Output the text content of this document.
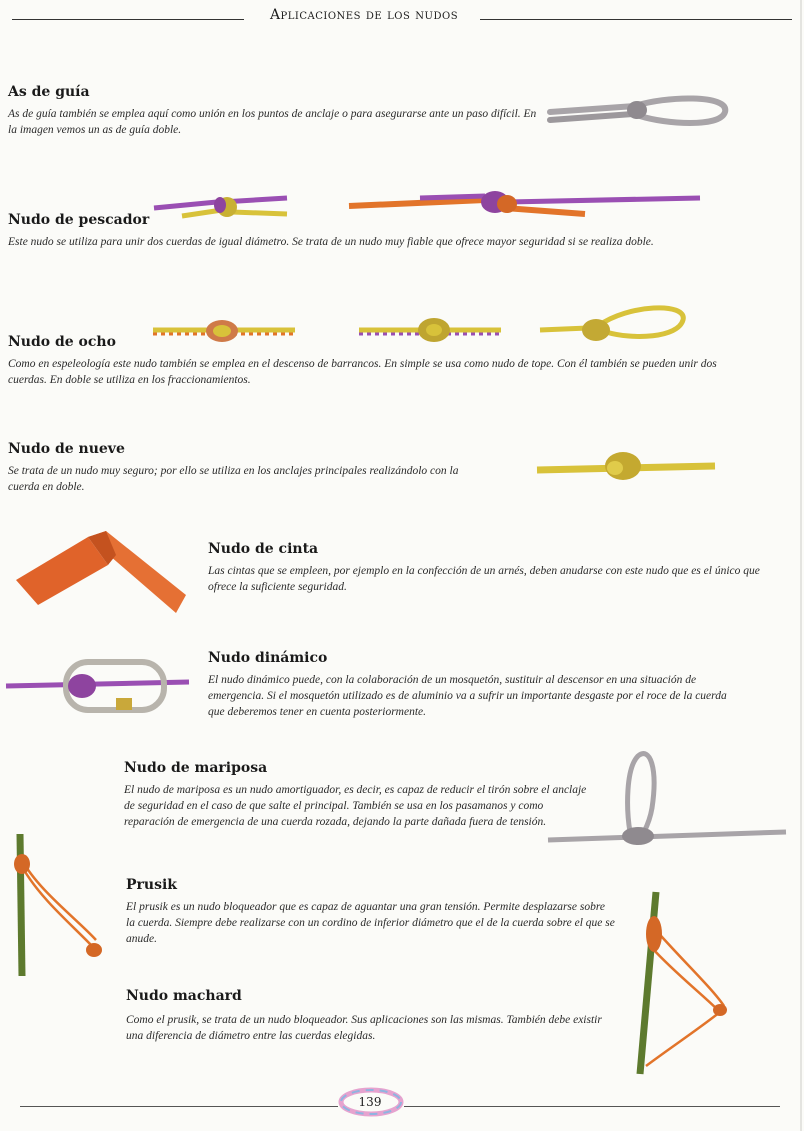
Aplicaciones de los nudos
As de guía

As de guía también se emplea aquí como unión en los puntos de anclaje o para asegurarse ante un paso difícil. En la imagen vemos un as de guía doble.

Nudo de pescador

Este nudo se utiliza para unir dos cuerdas de igual diámetro. Se trata de un nudo muy fiable que ofrece mayor seguridad si se realiza doble.

Nudo de ocho

Como en espeleología este nudo también se emplea en el descenso de barrancos. En simple se usa como nudo de tope. Con él también se pueden unir dos cuerdas. En doble se utiliza en los fraccionamientos.

Nudo de nueve

Se trata de un nudo muy seguro; por ello se utiliza en los anclajes principales realizándolo con la cuerda en doble.

Nudo de cinta

Las cintas que se empleen, por ejemplo en la confección de un arnés, deben anudarse con este nudo que es el único que ofrece la suficiente seguridad.

Nudo dinámico

El nudo dinámico puede, con la colaboración de un mosquetón, sustituir al descensor en una situación de emergencia. Si el mosquetón utilizado es de aluminio va a sufrir un importante desgaste por el roce de la cuerda que deberemos tener en cuenta posteriormente.

Nudo de mariposa

El nudo de mariposa es un nudo amortiguador, es decir, es capaz de reducir el tirón sobre el anclaje de seguridad en el caso de que salte el principal. También se usa en los pasamanos y como reparación de emergencia de una cuerda rozada, dejando la parte dañada fuera de tensión.

Prusik

El prusik es un nudo bloqueador que es capaz de aguantar una gran tensión. Permite desplazarse sobre la cuerda. Siempre debe realizarse con un cordino de inferior diámetro que el de la cuerda sobre el que se anude.

Nudo machard

Como el prusik, se trata de un nudo bloqueador. Sus aplicaciones son las mismas. También debe existir una diferencia de diámetro entre las cuerdas elegidas.

139
